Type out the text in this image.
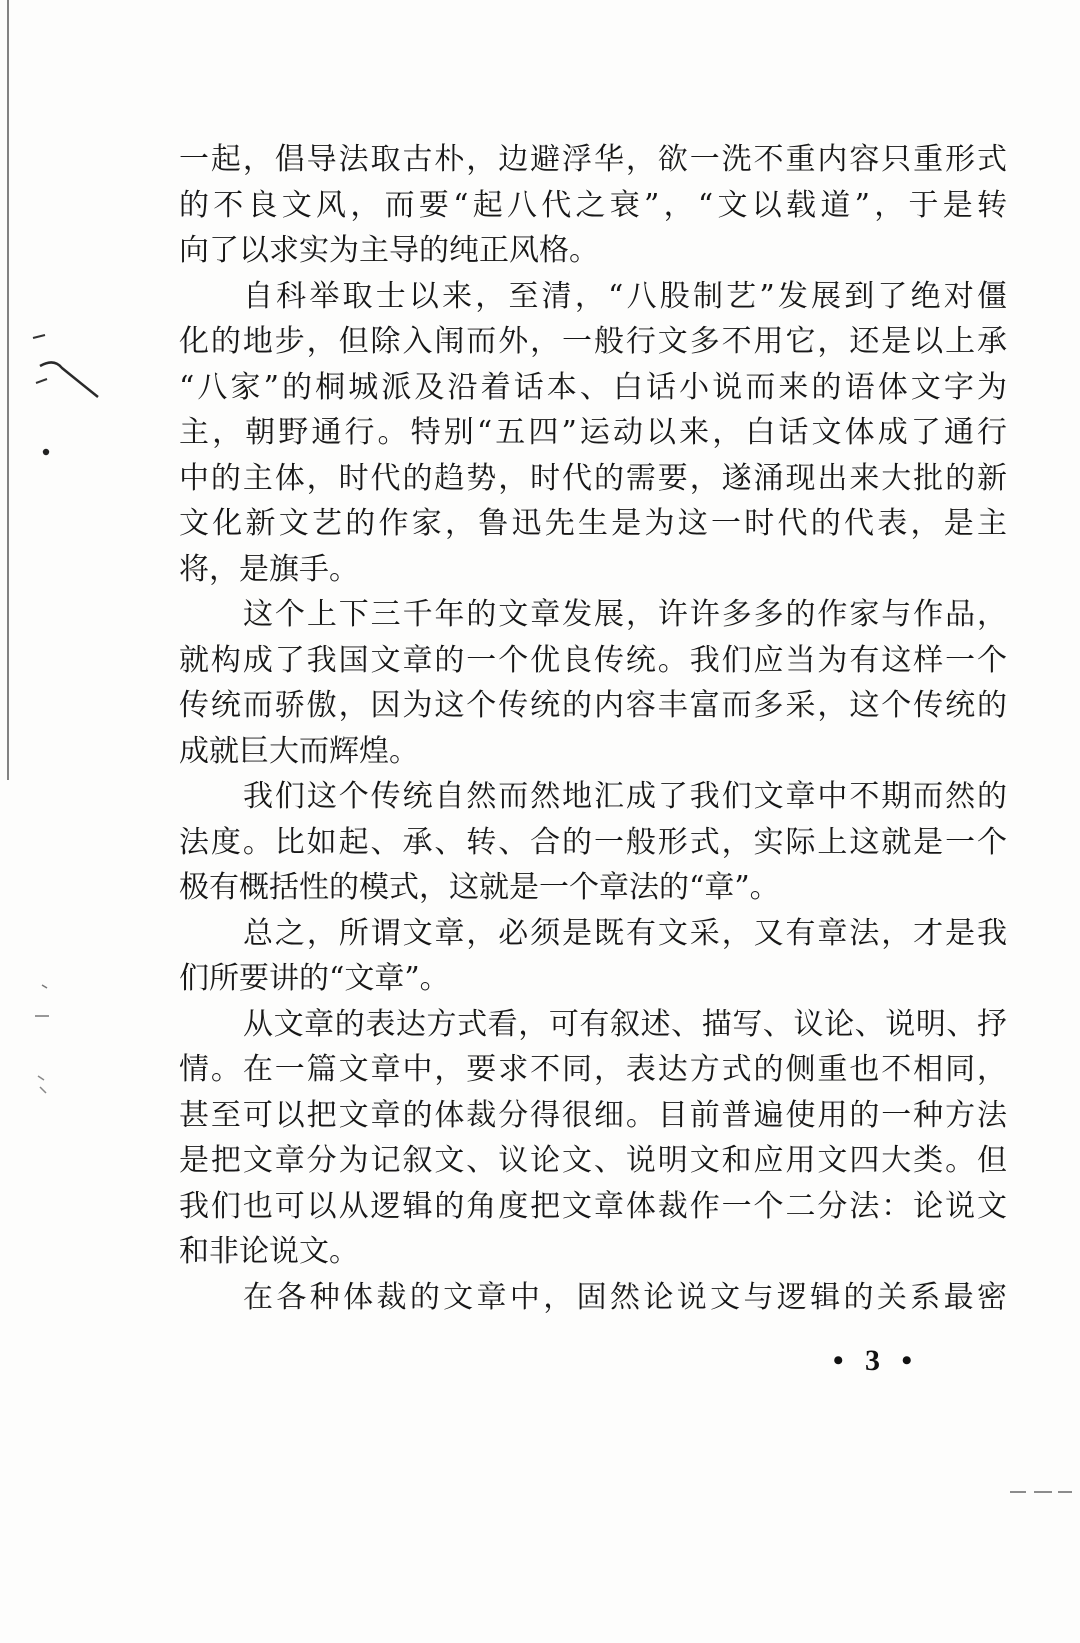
一起，倡导法取古朴，边避浮华，欲一洗不重内容只重形式
的不良文风，而要“起八代之衰”，“文以载道”，于是转
向了以求实为主导的纯正风格。
自科举取士以来，至清，“八股制艺”发展到了绝对僵
化的地步，但除入闱而外，一般行文多不用它，还是以上承
“八家”的桐城派及沿着话本、白话小说而来的语体文字为
主，朝野通行。特别“五四”运动以来，白话文体成了通行
中的主体，时代的趋势，时代的需要，遂涌现出来大批的新
文化新文艺的作家，鲁迅先生是为这一时代的代表，是主
将，是旗手。
这个上下三千年的文章发展，许许多多的作家与作品，
就构成了我国文章的一个优良传统。我们应当为有这样一个
传统而骄傲，因为这个传统的内容丰富而多采，这个传统的
成就巨大而辉煌。
我们这个传统自然而然地汇成了我们文章中不期而然的
法度。比如起、承、转、合的一般形式，实际上这就是一个
极有概括性的模式，这就是一个章法的“章”。
总之，所谓文章，必须是既有文采，又有章法，才是我
们所要讲的“文章”。
从文章的表达方式看，可有叙述、描写、议论、说明、抒
情。在一篇文章中，要求不同，表达方式的侧重也不相同，
甚至可以把文章的体裁分得很细。目前普遍使用的一种方法
是把文章分为记叙文、议论文、说明文和应用文四大类。但
我们也可以从逻辑的角度把文章体裁作一个二分法：论说文
和非论说文。
在各种体裁的文章中，固然论说文与逻辑的关系最密
• 3 •
